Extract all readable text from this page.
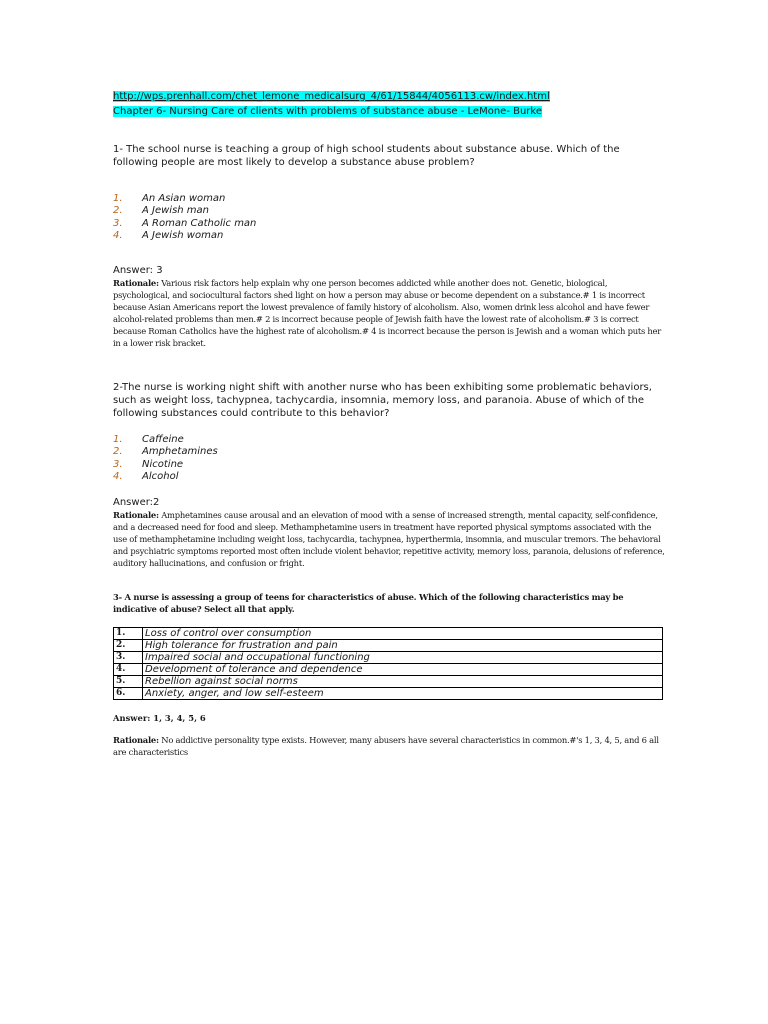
http://wps.prenhall.com/chet_lemone_medicalsurg_4/61/15844/4056113.cw/index.html
Chapter 6- Nursing Care of clients with problems of substance abuse - LeMone- Burke

1- The school nurse is teaching a group of high school students about substance abuse. Which of the following people are most likely to develop a substance abuse problem?

1.	An Asian woman
2.	A Jewish man
3.	A Roman Catholic man
4.	A Jewish woman
Answer: 3
Rationale: Various risk factors help explain why one person becomes addicted while another does not. Genetic, biological, psychological, and sociocultural factors shed light on how a person may abuse or become dependent on a substance.# 1 is incorrect because Asian Americans report the lowest prevalence of family history of alcoholism. Also, women drink less alcohol and have fewer alcohol-related problems than men.# 2 is incorrect because people of Jewish faith have the lowest rate of alcoholism.# 3 is correct because Roman Catholics have the highest rate of alcoholism.# 4 is incorrect because the person is Jewish and a woman which puts her in a lower risk bracket.

2-The nurse is working night shift with another nurse who has been exhibiting some problematic behaviors, such as weight loss, tachypnea, tachycardia, insomnia, memory loss, and paranoia. Abuse of which of the following substances could contribute to this behavior?

1.	Caffeine
2.	Amphetamines
3.	Nicotine
4.	Alcohol
Answer:2
Rationale: Amphetamines cause arousal and an elevation of mood with a sense of increased strength, mental capacity, self-confidence, and a decreased need for food and sleep. Methamphetamine users in treatment have reported physical symptoms associated with the use of methamphetamine including weight loss, tachycardia, tachypnea, hyperthermia, insomnia, and muscular tremors. The behavioral and psychiatric symptoms reported most often include violent behavior, repetitive activity, memory loss, paranoia, delusions of reference, auditory hallucinations, and confusion or fright.
3- A nurse is assessing a group of teens for characteristics of abuse. Which of the following characteristics may be indicative of abuse? Select all that apply.
1.	Loss of control over consumption
2.	High tolerance for frustration and pain
3.	Impaired social and occupational functioning
4.	Development of tolerance and dependence
5.	Rebellion against social norms
6.	Anxiety, anger, and low self-esteem
Answer: 1, 3, 4, 5, 6
Rationale: No addictive personality type exists. However, many abusers have several characteristics in common.#'s 1, 3, 4, 5, and 6 all are characteristics
